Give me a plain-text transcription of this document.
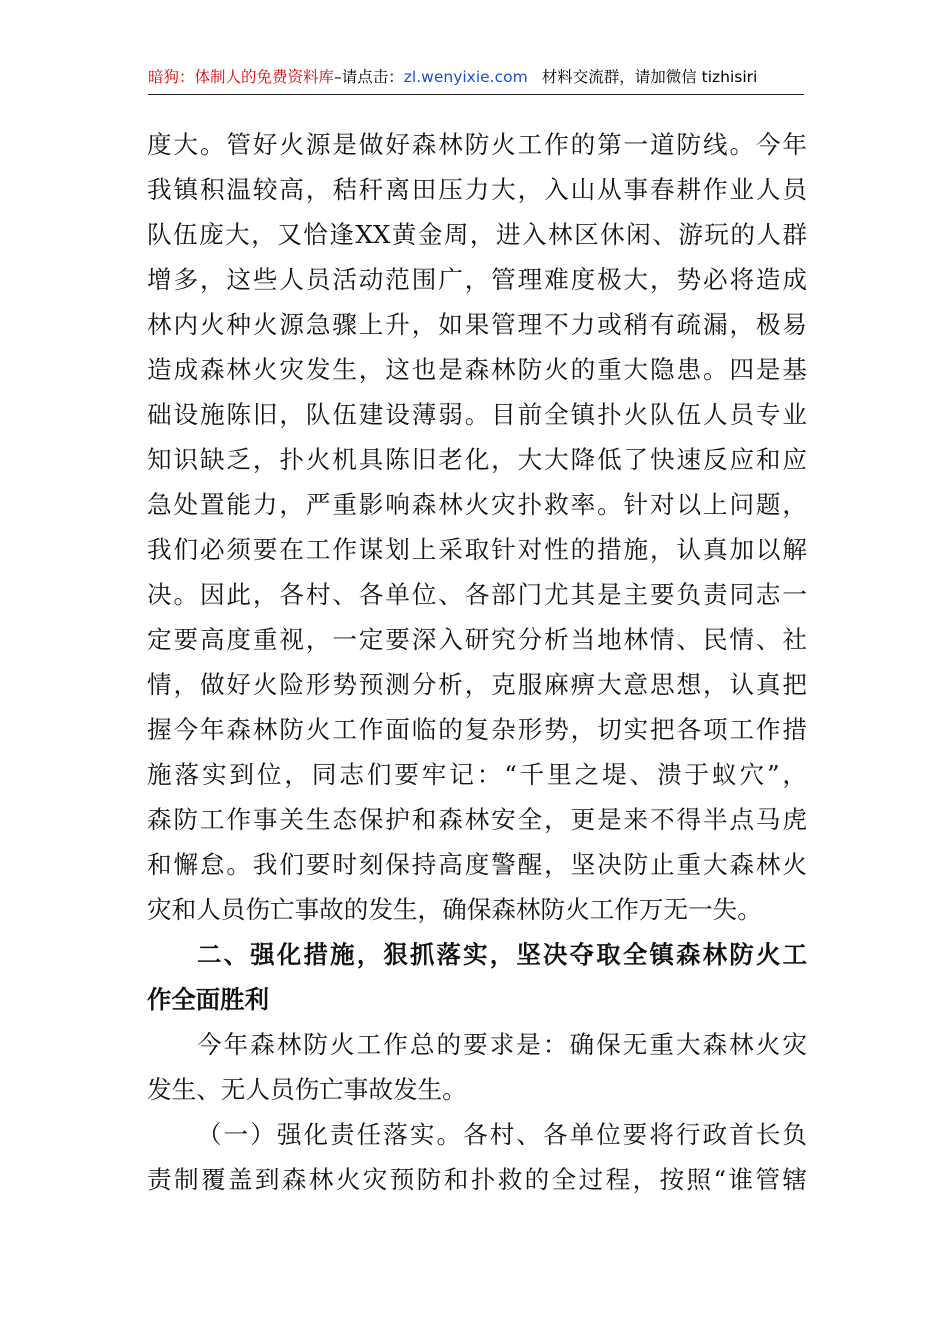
暗狗：体制人的免费资料库–请点击：zl.wenyixie.com 材料交流群，请加微信 tizhisiri
度大。管好火源是做好森林防火工作的第一道防线。今年
我镇积温较高，秸秆离田压力大，入山从事春耕作业人员
队伍庞大，又恰逢XX黄金周，进入林区休闲、游玩的人群
增多，这些人员活动范围广，管理难度极大，势必将造成
林内火种火源急骤上升，如果管理不力或稍有疏漏，极易
造成森林火灾发生，这也是森林防火的重大隐患。四是基
础设施陈旧，队伍建设薄弱。目前全镇扑火队伍人员专业
知识缺乏，扑火机具陈旧老化，大大降低了快速反应和应
急处置能力，严重影响森林火灾扑救率。针对以上问题，
我们必须要在工作谋划上采取针对性的措施，认真加以解
决。因此，各村、各单位、各部门尤其是主要负责同志一
定要高度重视，一定要深入研究分析当地林情、民情、社
情，做好火险形势预测分析，克服麻痹大意思想，认真把
握今年森林防火工作面临的复杂形势，切实把各项工作措
施落实到位，同志们要牢记：“千里之堤、溃于蚁穴”，
森防工作事关生态保护和森林安全，更是来不得半点马虎
和懈怠。我们要时刻保持高度警醒，坚决防止重大森林火
灾和人员伤亡事故的发生，确保森林防火工作万无一失。
二、强化措施，狠抓落实，坚决夺取全镇森林防火工
作全面胜利
今年森林防火工作总的要求是：确保无重大森林火灾
发生、无人员伤亡事故发生。
（一）强化责任落实。各村、各单位要将行政首长负
责制覆盖到森林火灾预防和扑救的全过程，按照“谁管辖
